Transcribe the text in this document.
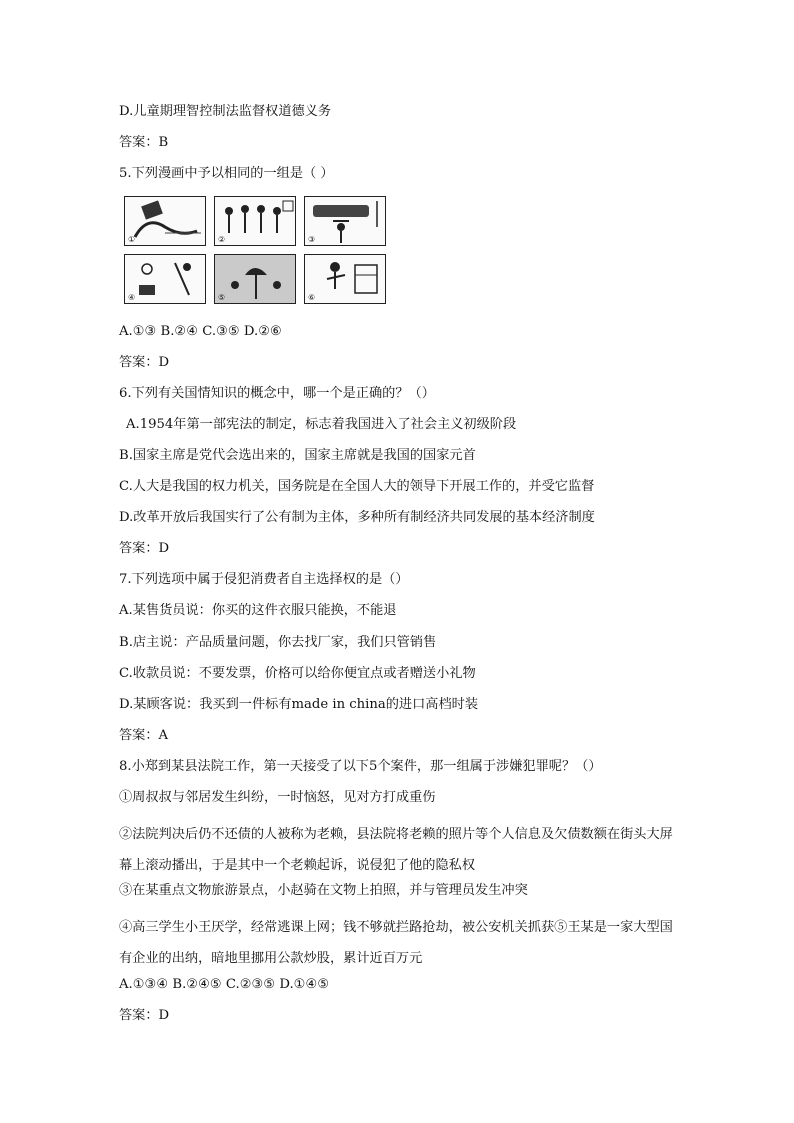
D.儿童期理智控制法监督权道德义务
答案：B
5.下列漫画中予以相同的一组是（ ）
①	②	③
④	⑤	⑥
A.①③ B.②④ C.③⑤ D.②⑥
答案：D
6.下列有关国情知识的概念中，哪一个是正确的？（）
A.1954年第一部宪法的制定，标志着我国进入了社会主义初级阶段
B.国家主席是党代会选出来的，国家主席就是我国的国家元首
C.人大是我国的权力机关，国务院是在全国人大的领导下开展工作的，并受它监督
D.改革开放后我国实行了公有制为主体，多种所有制经济共同发展的基本经济制度
答案：D
7.下列选项中属于侵犯消费者自主选择权的是（）
A.某售货员说：你买的这件衣服只能换，不能退
B.店主说：产品质量问题，你去找厂家，我们只管销售
C.收款员说：不要发票，价格可以给你便宜点或者赠送小礼物
D.某顾客说：我买到一件标有made in china的进口高档时装
答案：A
8.小郑到某县法院工作，第一天接受了以下5个案件，那一组属于涉嫌犯罪呢？（）
①周叔叔与邻居发生纠纷，一时恼怒，见对方打成重伤
②法院判决后仍不还债的人被称为老赖，县法院将老赖的照片等个人信息及欠债数额在街头大屏幕上滚动播出，于是其中一个老赖起诉，说侵犯了他的隐私权
③在某重点文物旅游景点，小赵骑在文物上拍照，并与管理员发生冲突
④高三学生小王厌学，经常逃课上网；钱不够就拦路抢劫，被公安机关抓获⑤王某是一家大型国有企业的出纳，暗地里挪用公款炒股，累计近百万元
A.①③④ B.②④⑤ C.②③⑤ D.①④⑤
答案：D
